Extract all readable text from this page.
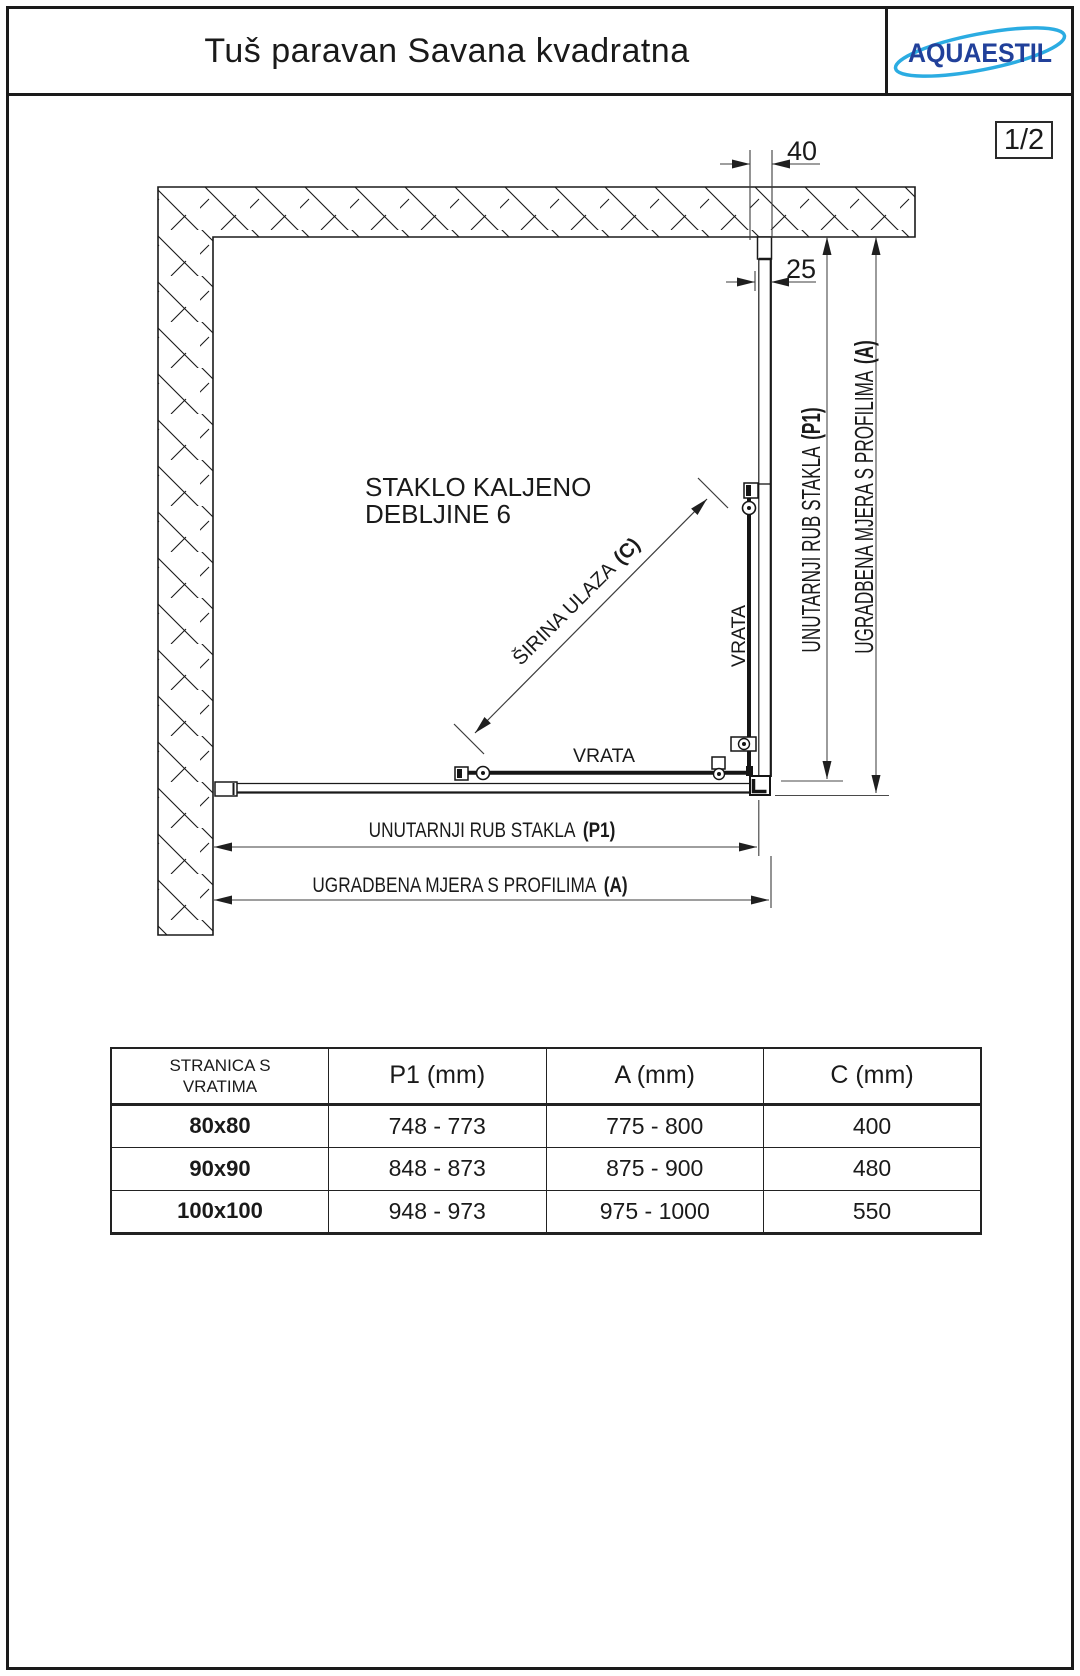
Tuš paravan Savana kvadratna	AQUAESTIL
1/2
40
25
STAKLO KALJENO
DEBLJINE 6
ŠIRINA ULAZA(C)
VRATA
VRATA
UNUTARNJI RUB STAKLA(P1) UGRADBENA MJERA S PROFILIMA(A)
UNUTARNJI RUB STAKLA (P1)
UGRADBENA MJERA S PROFILIMA (A)
STRANICA S VRATIMA	P1 (mm)	A (mm)	C (mm)
80x80	748 - 773	775 - 800	400
90x90	848 - 873	875 - 900	480
100x100	948 - 973	975 - 1000	550
